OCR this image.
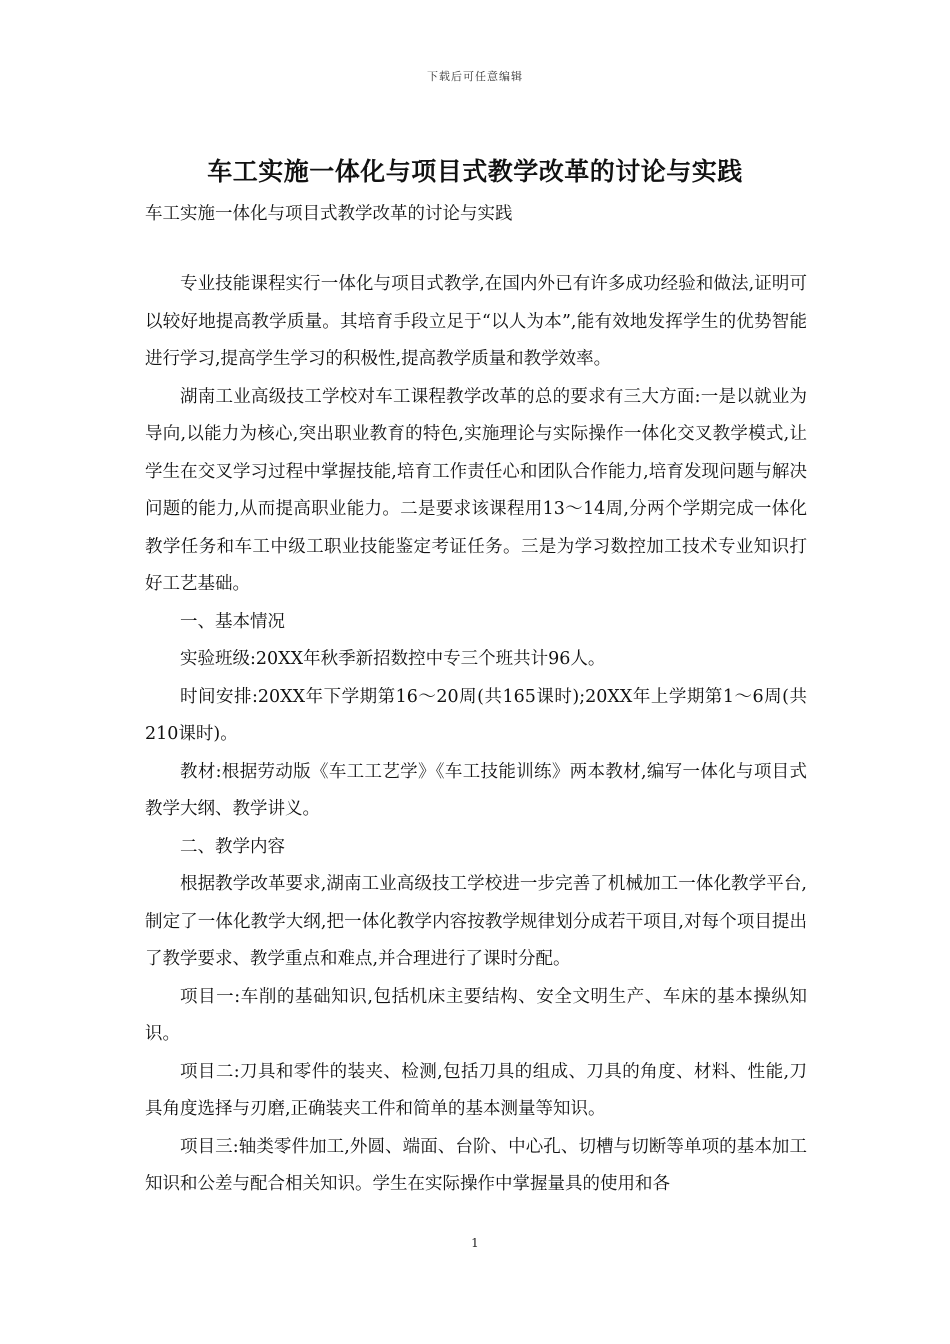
下载后可任意编辑
车工实施一体化与项目式教学改革的讨论与实践

车工实施一体化与项目式教学改革的讨论与实践

专业技能课程实行一体化与项目式教学,在国内外已有许多成功经验和做法,证明可以较好地提高教学质量。其培育手段立足于“以人为本”,能有效地发挥学生的优势智能进行学习,提高学生学习的积极性,提高教学质量和教学效率。

湖南工业高级技工学校对车工课程教学改革的总的要求有三大方面:一是以就业为导向,以能力为核心,突出职业教育的特色,实施理论与实际操作一体化交叉教学模式,让学生在交叉学习过程中掌握技能,培育工作责任心和团队合作能力,培育发现问题与解决问题的能力,从而提高职业能力。二是要求该课程用13～14周,分两个学期完成一体化教学任务和车工中级工职业技能鉴定考证任务。三是为学习数控加工技术专业知识打好工艺基础。

一、基本情况

实验班级:20XX年秋季新招数控中专三个班共计96人。

时间安排:20XX年下学期第16～20周(共165课时);20XX年上学期第1～6周(共210课时)。

教材:根据劳动版《车工工艺学》《车工技能训练》两本教材,编写一体化与项目式教学大纲、教学讲义。

二、教学内容

根据教学改革要求,湖南工业高级技工学校进一步完善了机械加工一体化教学平台,制定了一体化教学大纲,把一体化教学内容按教学规律划分成若干项目,对每个项目提出了教学要求、教学重点和难点,并合理进行了课时分配。

项目一:车削的基础知识,包括机床主要结构、安全文明生产、车床的基本操纵知识。

项目二:刀具和零件的装夹、检测,包括刀具的组成、刀具的角度、材料、性能,刀具角度选择与刃磨,正确装夹工件和简单的基本测量等知识。

项目三:轴类零件加工,外圆、端面、台阶、中心孔、切槽与切断等单项的基本加工知识和公差与配合相关知识。学生在实际操作中掌握量具的使用和各

1
